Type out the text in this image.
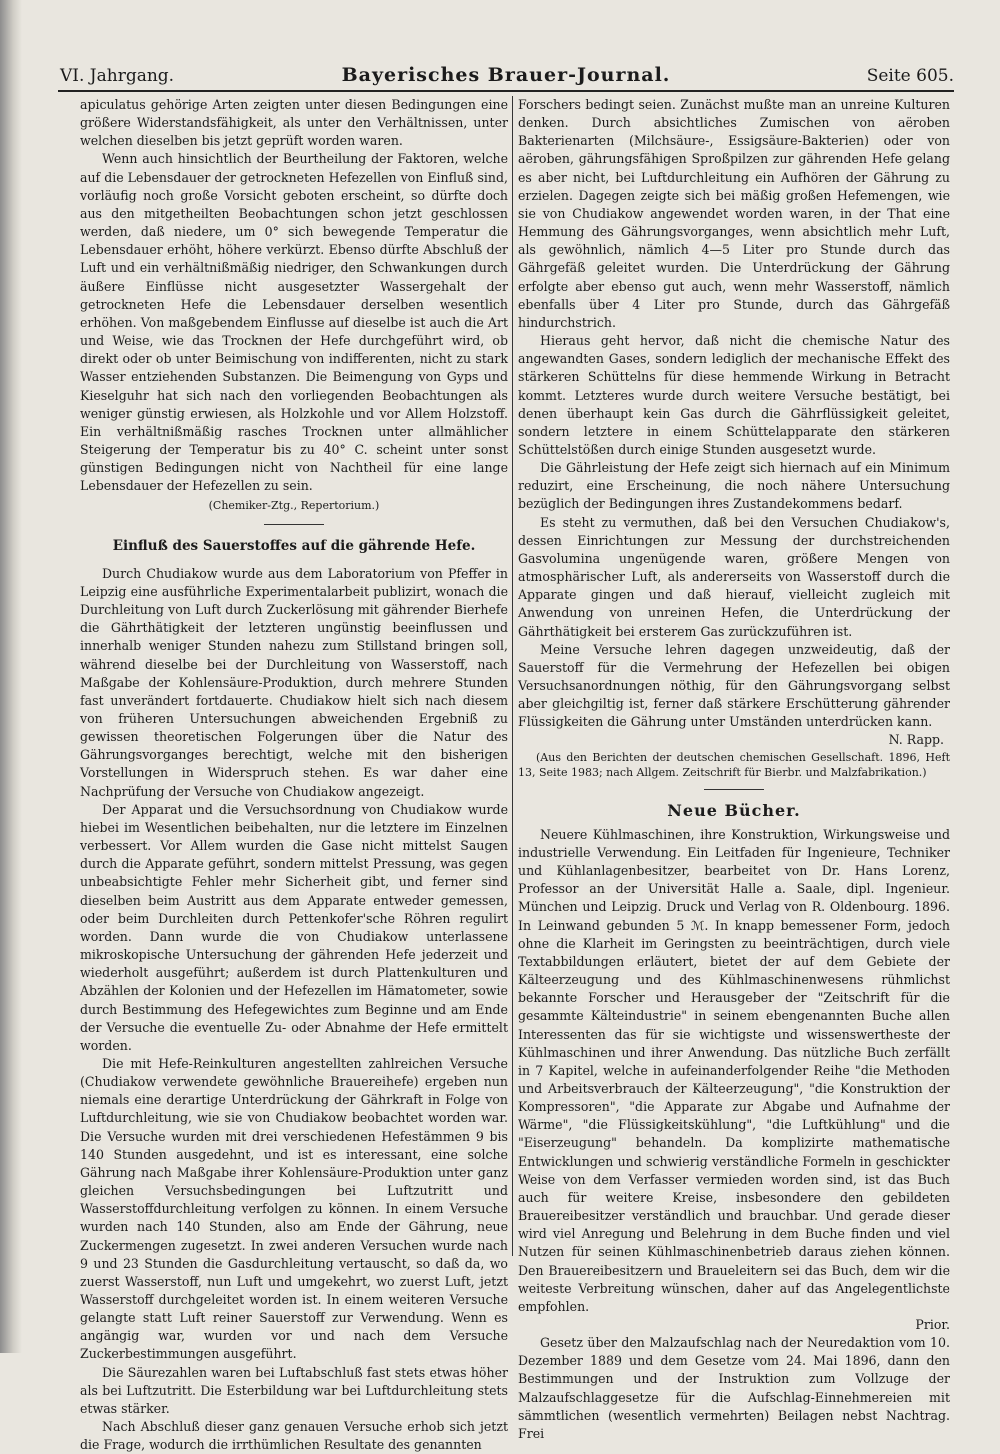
VI. Jahrgang.	Bayerisches Brauer-Journal.	Seite 605.

apiculatus gehörige Arten zeigten unter diesen Bedingungen eine größere Widerstandsfähigkeit, als unter den Verhältnissen, unter welchen dieselben bis jetzt geprüft worden waren.

Wenn auch hinsichtlich der Beurtheilung der Faktoren, welche auf die Lebensdauer der getrockneten Hefezellen von Einfluß sind, vorläufig noch große Vorsicht geboten erscheint, so dürfte doch aus den mitgetheilten Beobachtungen schon jetzt geschlossen werden, daß niedere, um 0° sich bewegende Temperatur die Lebensdauer erhöht, höhere verkürzt. Ebenso dürfte Abschluß der Luft und ein verhältnißmäßig niedriger, den Schwankungen durch äußere Einflüsse nicht ausgesetzter Wassergehalt der getrockneten Hefe die Lebensdauer derselben wesentlich erhöhen. Von maßgebendem Einflusse auf dieselbe ist auch die Art und Weise, wie das Trocknen der Hefe durchgeführt wird, ob direkt oder ob unter Beimischung von indifferenten, nicht zu stark Wasser entziehenden Substanzen. Die Beimengung von Gyps und Kieselguhr hat sich nach den vorliegenden Beobachtungen als weniger günstig erwiesen, als Holzkohle und vor Allem Holzstoff. Ein verhältnißmäßig rasches Trocknen unter allmählicher Steigerung der Temperatur bis zu 40° C. scheint unter sonst günstigen Bedingungen nicht von Nachtheil für eine lange Lebensdauer der Hefezellen zu sein.

(Chemiker-Ztg., Repertorium.)

Einfluß des Sauerstoffes auf die gährende Hefe.

Durch Chudiakow wurde aus dem Laboratorium von Pfeffer in Leipzig eine ausführliche Experimentalarbeit publizirt, wonach die Durchleitung von Luft durch Zuckerlösung mit gährender Bierhefe die Gährthätigkeit der letzteren ungünstig beeinflussen und innerhalb weniger Stunden nahezu zum Stillstand bringen soll, während dieselbe bei der Durchleitung von Wasserstoff, nach Maßgabe der Kohlensäure-Produktion, durch mehrere Stunden fast unverändert fortdauerte. Chudiakow hielt sich nach diesem von früheren Untersuchungen abweichenden Ergebniß zu gewissen theoretischen Folgerungen über die Natur des Gährungsvorganges berechtigt, welche mit den bisherigen Vorstellungen in Widerspruch stehen. Es war daher eine Nachprüfung der Versuche von Chudiakow angezeigt.

Der Apparat und die Versuchsordnung von Chudiakow wurde hiebei im Wesentlichen beibehalten, nur die letztere im Einzelnen verbessert. Vor Allem wurden die Gase nicht mittelst Saugen durch die Apparate geführt, sondern mittelst Pressung, was gegen unbeabsichtigte Fehler mehr Sicherheit gibt, und ferner sind dieselben beim Austritt aus dem Apparate entweder gemessen, oder beim Durchleiten durch Pettenkofer'sche Röhren regulirt worden. Dann wurde die von Chudiakow unterlassene mikroskopische Untersuchung der gährenden Hefe jederzeit und wiederholt ausgeführt; außerdem ist durch Plattenkulturen und Abzählen der Kolonien und der Hefezellen im Hämatometer, sowie durch Bestimmung des Hefegewichtes zum Beginne und am Ende der Versuche die eventuelle Zu- oder Abnahme der Hefe ermittelt worden.

Die mit Hefe-Reinkulturen angestellten zahlreichen Versuche (Chudiakow verwendete gewöhnliche Brauereihefe) ergeben nun niemals eine derartige Unterdrückung der Gährkraft in Folge von Luftdurchleitung, wie sie von Chudiakow beobachtet worden war. Die Versuche wurden mit drei verschiedenen Hefestämmen 9 bis 140 Stunden ausgedehnt, und ist es interessant, eine solche Gährung nach Maßgabe ihrer Kohlensäure-Produktion unter ganz gleichen Versuchsbedingungen bei Luftzutritt und Wasserstoffdurchleitung verfolgen zu können. In einem Versuche wurden nach 140 Stunden, also am Ende der Gährung, neue Zuckermengen zugesetzt. In zwei anderen Versuchen wurde nach 9 und 23 Stunden die Gasdurchleitung vertauscht, so daß da, wo zuerst Wasserstoff, nun Luft und umgekehrt, wo zuerst Luft, jetzt Wasserstoff durchgeleitet worden ist. In einem weiteren Versuche gelangte statt Luft reiner Sauerstoff zur Verwendung. Wenn es angängig war, wurden vor und nach dem Versuche Zuckerbestimmungen ausgeführt.

Die Säurezahlen waren bei Luftabschluß fast stets etwas höher als bei Luftzutritt. Die Esterbildung war bei Luftdurchleitung stets etwas stärker.

Nach Abschluß dieser ganz genauen Versuche erhob sich jetzt die Frage, wodurch die irrthümlichen Resultate des genannten

Forschers bedingt seien. Zunächst mußte man an unreine Kulturen denken. Durch absichtliches Zumischen von aëroben Bakterienarten (Milchsäure-, Essigsäure-Bakterien) oder von aëroben, gährungsfähigen Sproßpilzen zur gährenden Hefe gelang es aber nicht, bei Luftdurchleitung ein Aufhören der Gährung zu erzielen. Dagegen zeigte sich bei mäßig großen Hefemengen, wie sie von Chudiakow angewendet worden waren, in der That eine Hemmung des Gährungsvorganges, wenn absichtlich mehr Luft, als gewöhnlich, nämlich 4—5 Liter pro Stunde durch das Gährgefäß geleitet wurden. Die Unterdrückung der Gährung erfolgte aber ebenso gut auch, wenn mehr Wasserstoff, nämlich ebenfalls über 4 Liter pro Stunde, durch das Gährgefäß hindurchstrich.

Hieraus geht hervor, daß nicht die chemische Natur des angewandten Gases, sondern lediglich der mechanische Effekt des stärkeren Schüttelns für diese hemmende Wirkung in Betracht kommt. Letzteres wurde durch weitere Versuche bestätigt, bei denen überhaupt kein Gas durch die Gährflüssigkeit geleitet, sondern letztere in einem Schüttelapparate den stärkeren Schüttelstößen durch einige Stunden ausgesetzt wurde.

Die Gährleistung der Hefe zeigt sich hiernach auf ein Minimum reduzirt, eine Erscheinung, die noch nähere Untersuchung bezüglich der Bedingungen ihres Zustandekommens bedarf.

Es steht zu vermuthen, daß bei den Versuchen Chudiakow's, dessen Einrichtungen zur Messung der durchstreichenden Gasvolumina ungenügende waren, größere Mengen von atmosphärischer Luft, als andererseits von Wasserstoff durch die Apparate gingen und daß hierauf, vielleicht zugleich mit Anwendung von unreinen Hefen, die Unterdrückung der Gährthätigkeit bei ersterem Gas zurückzuführen ist.

Meine Versuche lehren dagegen unzweideutig, daß der Sauerstoff für die Vermehrung der Hefezellen bei obigen Versuchsanordnungen nöthig, für den Gährungsvorgang selbst aber gleichgiltig ist, ferner daß stärkere Erschütterung gährender Flüssigkeiten die Gährung unter Umständen unterdrücken kann.

N. Rapp.

(Aus den Berichten der deutschen chemischen Gesellschaft. 1896, Heft 13, Seite 1983; nach Allgem. Zeitschrift für Bierbr. und Malzfabrikation.)

Neue Bücher.

Neuere Kühlmaschinen, ihre Konstruktion, Wirkungsweise und industrielle Verwendung. Ein Leitfaden für Ingenieure, Techniker und Kühlanlagenbesitzer, bearbeitet von Dr. Hans Lorenz, Professor an der Universität Halle a. Saale, dipl. Ingenieur. München und Leipzig. Druck und Verlag von R. Oldenbourg. 1896. In Leinwand gebunden 5 ℳ. In knapp bemessener Form, jedoch ohne die Klarheit im Geringsten zu beeinträchtigen, durch viele Textabbildungen erläutert, bietet der auf dem Gebiete der Kälteerzeugung und des Kühlmaschinenwesens rühmlichst bekannte Forscher und Herausgeber der "Zeitschrift für die gesammte Kälteindustrie" in seinem ebengenannten Buche allen Interessenten das für sie wichtigste und wissenswertheste der Kühlmaschinen und ihrer Anwendung. Das nützliche Buch zerfällt in 7 Kapitel, welche in aufeinanderfolgender Reihe "die Methoden und Arbeitsverbrauch der Kälteerzeugung", "die Konstruktion der Kompressoren", "die Apparate zur Abgabe und Aufnahme der Wärme", "die Flüssigkeitskühlung", "die Luftkühlung" und die "Eiserzeugung" behandeln. Da komplizirte mathematische Entwicklungen und schwierig verständliche Formeln in geschickter Weise von dem Verfasser vermieden worden sind, ist das Buch auch für weitere Kreise, insbesondere den gebildeten Brauereibesitzer verständlich und brauchbar. Und gerade dieser wird viel Anregung und Belehrung in dem Buche finden und viel Nutzen für seinen Kühlmaschinenbetrieb daraus ziehen können. Den Brauereibesitzern und Braueleitern sei das Buch, dem wir die weiteste Verbreitung wünschen, daher auf das Angelegentlichste empfohlen.

Prior.

Gesetz über den Malzaufschlag nach der Neuredaktion vom 10. Dezember 1889 und dem Gesetze vom 24. Mai 1896, dann den Bestimmungen und der Instruktion zum Vollzuge der Malzaufschlaggesetze für die Aufschlag-Einnehmereien mit sämmtlichen (wesentlich vermehrten) Beilagen nebst Nachtrag. Frei
